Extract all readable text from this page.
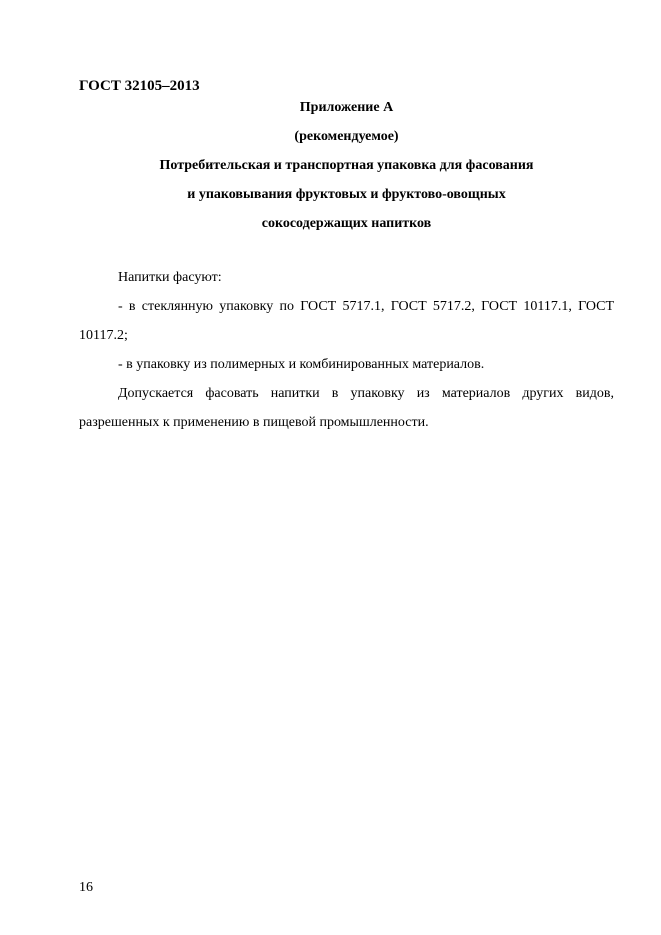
ГОСТ 32105–2013
Приложение А
(рекомендуемое)
Потребительская и транспортная упаковка для фасования
и упаковывания фруктовых и фруктово-овощных
сокосодержащих напитков

Напитки фасуют:

- в стеклянную упаковку по ГОСТ 5717.1, ГОСТ 5717.2, ГОСТ 10117.1, ГОСТ 10117.2;

- в упаковку из полимерных и комбинированных материалов.

Допускается фасовать напитки в упаковку из материалов других видов, разрешенных к применению в пищевой промышленности.

16
